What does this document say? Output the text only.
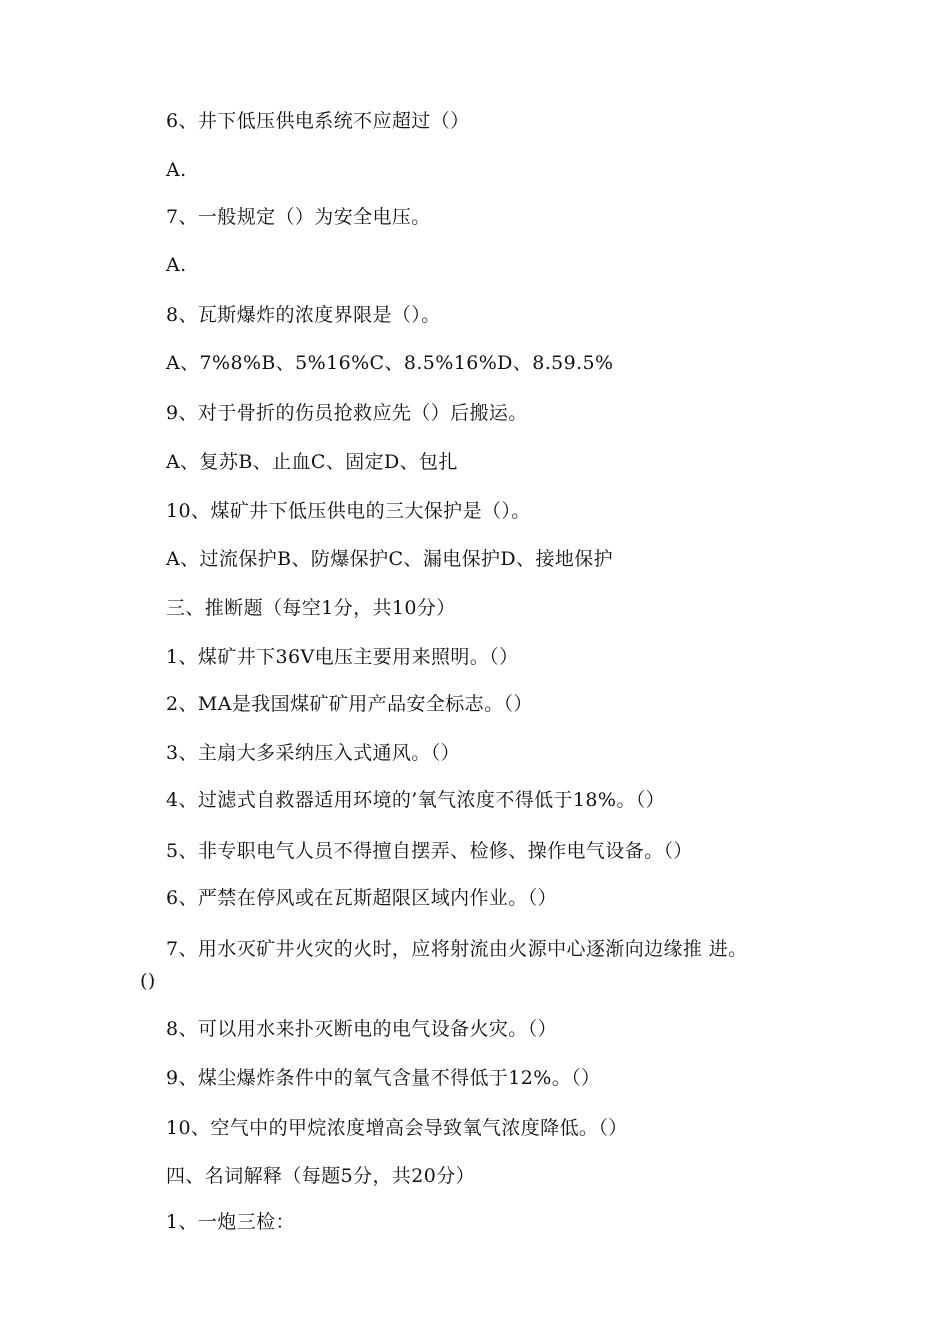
6、井下低压供电系统不应超过（）
A.
7、一般规定（）为安全电压。
A.
8、瓦斯爆炸的浓度界限是（）。
A、7%8%B、5%16%C、8.5%16%D、8.59.5%
9、对于骨折的伤员抢救应先（）后搬运。
A、复苏B、止血C、固定D、包扎
10、煤矿井下低压供电的三大保护是（）。
A、过流保护B、防爆保护C、漏电保护D、接地保护
三、推断题（每空1分，共10分）
1、煤矿井下36V电压主要用来照明。（）
2、MA是我国煤矿矿用产品安全标志。（）
3、主扇大多采纳压入式通风。（）
4、过滤式自救器适用环境的’氧气浓度不得低于18%。（）
5、非专职电气人员不得擅自摆弄、检修、操作电气设备。（）
6、严禁在停风或在瓦斯超限区域内作业。（）
7、用水灭矿井火灾的火时，应将射流由火源中心逐渐向边缘推 进。
()
8、可以用水来扑灭断电的电气设备火灾。（）
9、煤尘爆炸条件中的氧气含量不得低于12%。（）
10、空气中的甲烷浓度增高会导致氧气浓度降低。（）
四、名词解释（每题5分，共20分）
1、一炮三检：
